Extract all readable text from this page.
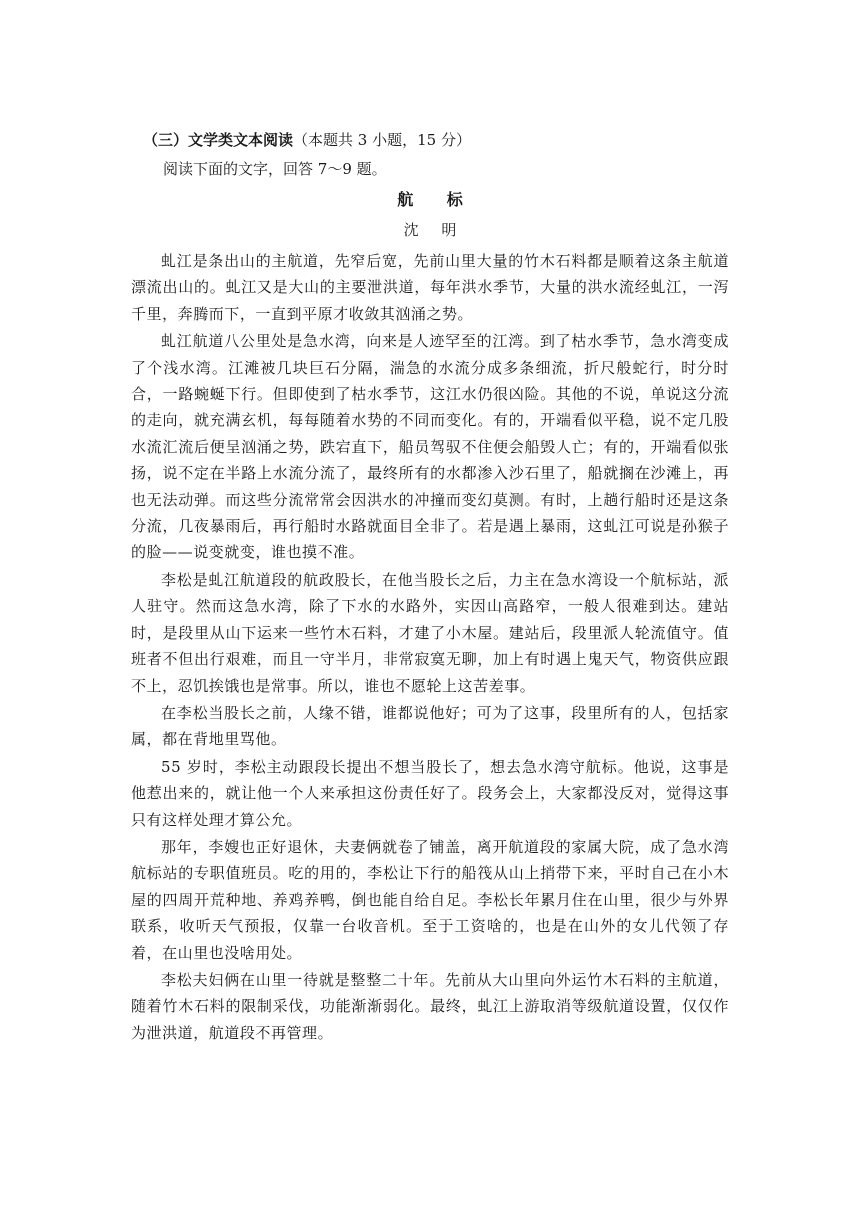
（三）文学类文本阅读（本题共 3 小题，15 分）
阅读下面的文字，回答 7～9 题。
航 标
沈 明

虬江是条出山的主航道，先窄后宽，先前山里大量的竹木石料都是顺着这条主航道漂流出山的。虬江又是大山的主要泄洪道，每年洪水季节，大量的洪水流经虬江，一泻千里，奔腾而下，一直到平原才收敛其汹涌之势。

虬江航道八公里处是急水湾，向来是人迹罕至的江湾。到了枯水季节，急水湾变成了个浅水湾。江滩被几块巨石分隔，湍急的水流分成多条细流，折尺般蛇行，时分时合，一路蜿蜒下行。但即使到了枯水季节，这江水仍很凶险。其他的不说，单说这分流的走向，就充满玄机，每每随着水势的不同而变化。有的，开端看似平稳，说不定几股水流汇流后便呈汹涌之势，跌宕直下，船员驾驭不住便会船毁人亡；有的，开端看似张扬，说不定在半路上水流分流了，最终所有的水都渗入沙石里了，船就搁在沙滩上，再也无法动弹。而这些分流常常会因洪水的冲撞而变幻莫测。有时，上趟行船时还是这条分流，几夜暴雨后，再行船时水路就面目全非了。若是遇上暴雨，这虬江可说是孙猴子的脸——说变就变，谁也摸不准。

李松是虬江航道段的航政股长，在他当股长之后，力主在急水湾设一个航标站，派人驻守。然而这急水湾，除了下水的水路外，实因山高路窄，一般人很难到达。建站时，是段里从山下运来一些竹木石料，才建了小木屋。建站后，段里派人轮流值守。值班者不但出行艰难，而且一守半月，非常寂寞无聊，加上有时遇上鬼天气，物资供应跟不上，忍饥挨饿也是常事。所以，谁也不愿轮上这苦差事。

在李松当股长之前，人缘不错，谁都说他好；可为了这事，段里所有的人，包括家属，都在背地里骂他。

55 岁时，李松主动跟段长提出不想当股长了，想去急水湾守航标。他说，这事是他惹出来的，就让他一个人来承担这份责任好了。段务会上，大家都没反对，觉得这事只有这样处理才算公允。

那年，李嫂也正好退休，夫妻俩就卷了铺盖，离开航道段的家属大院，成了急水湾航标站的专职值班员。吃的用的，李松让下行的船筏从山上捎带下来，平时自己在小木屋的四周开荒种地、养鸡养鸭，倒也能自给自足。李松长年累月住在山里，很少与外界联系，收听天气预报，仅靠一台收音机。至于工资啥的，也是在山外的女儿代领了存着，在山里也没啥用处。

李松夫妇俩在山里一待就是整整二十年。先前从大山里向外运竹木石料的主航道，随着竹木石料的限制采伐，功能渐渐弱化。最终，虬江上游取消等级航道设置，仅仅作为泄洪道，航道段不再管理。
